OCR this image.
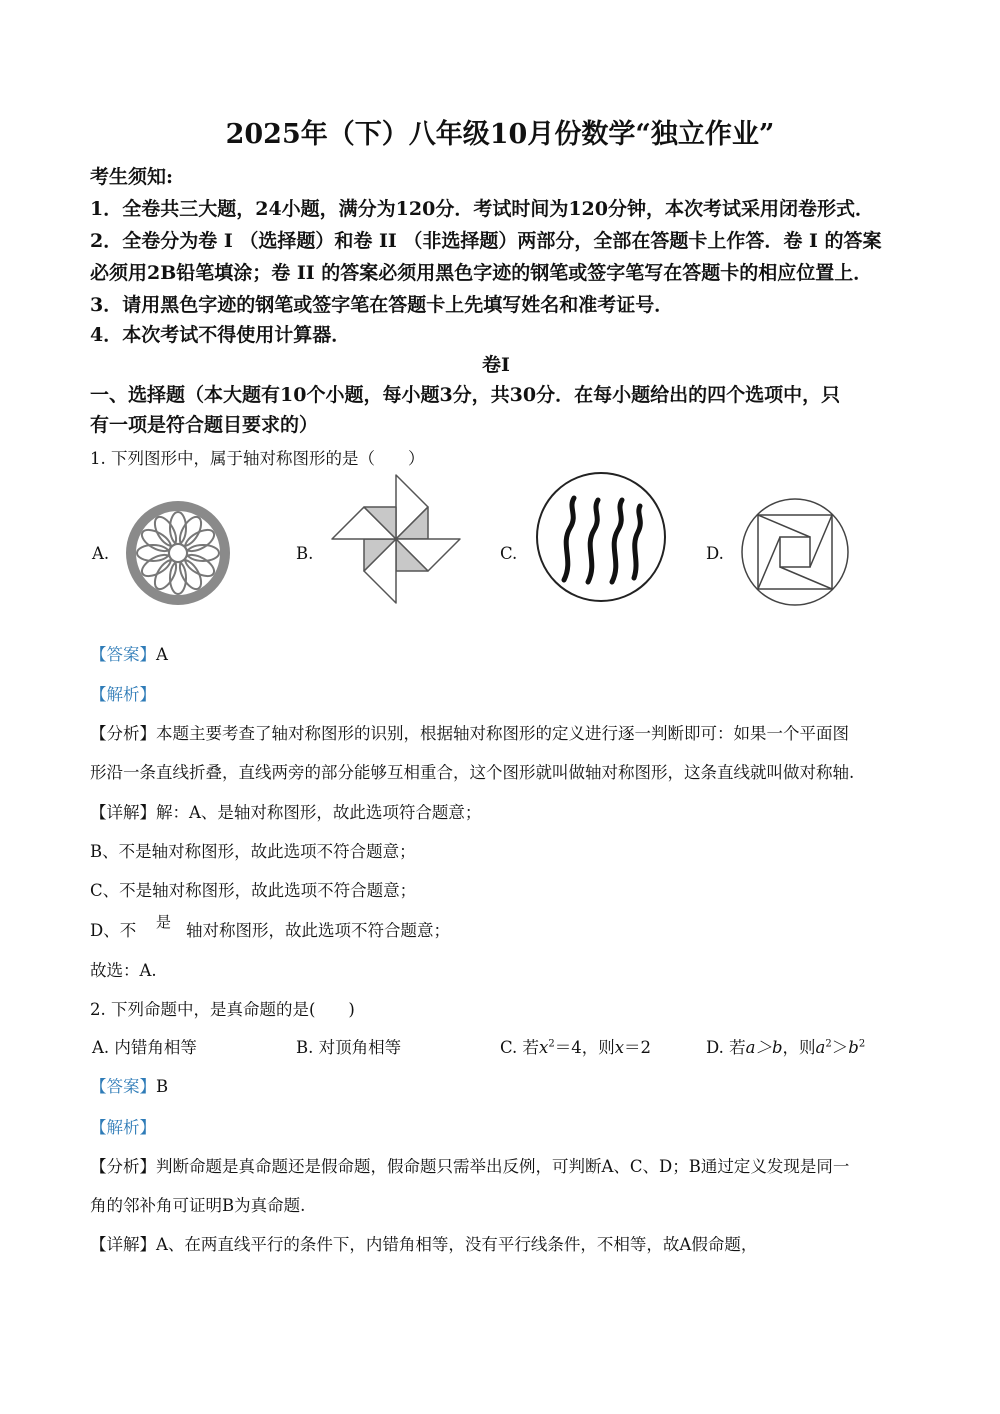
2025年（下）八年级10月份数学“独立作业”
考生须知:
1．全卷共三大题，24小题，满分为120分．考试时间为120分钟，本次考试采用闭卷形式．
2．全卷分为卷 I （选择题）和卷 II （非选择题）两部分，全部在答题卡上作答．卷 I 的答案
必须用2B铅笔填涂；卷 II 的答案必须用黑色字迹的钢笔或签字笔写在答题卡的相应位置上．
3．请用黑色字迹的钢笔或签字笔在答题卡上先填写姓名和准考证号．
4．本次考试不得使用计算器．
卷I
一、选择题（本大题有10个小题，每小题3分，共30分．在每小题给出的四个选项中，只
有一项是符合题目要求的）
1. 下列图形中，属于轴对称图形的是（　　）
A.	B.	C.	D.
【答案】A
【解析】
【分析】本题主要考查了轴对称图形的识别，根据轴对称图形的定义进行逐一判断即可：如果一个平面图
形沿一条直线折叠，直线两旁的部分能够互相重合，这个图形就叫做轴对称图形，这条直线就叫做对称轴.
【详解】解：A、是轴对称图形，故此选项符合题意；
B、不是轴对称图形，故此选项不符合题意；
C、不是轴对称图形，故此选项不符合题意；
D、不 是 轴对称图形，故此选项不符合题意；
故选：A.
2. 下列命题中，是真命题的是(　　)
A. 内错角相等	B. 对顶角相等	C. 若$x^2=4$，则x＝2	D. 若a＞b，则$a^2>b^2$
【答案】B
【解析】
【分析】判断命题是真命题还是假命题，假命题只需举出反例，可判断A、C、D；B通过定义发现是同一
角的邻补角可证明B为真命题.
【详解】A、在两直线平行的条件下，内错角相等，没有平行线条件，不相等，故A假命题，
